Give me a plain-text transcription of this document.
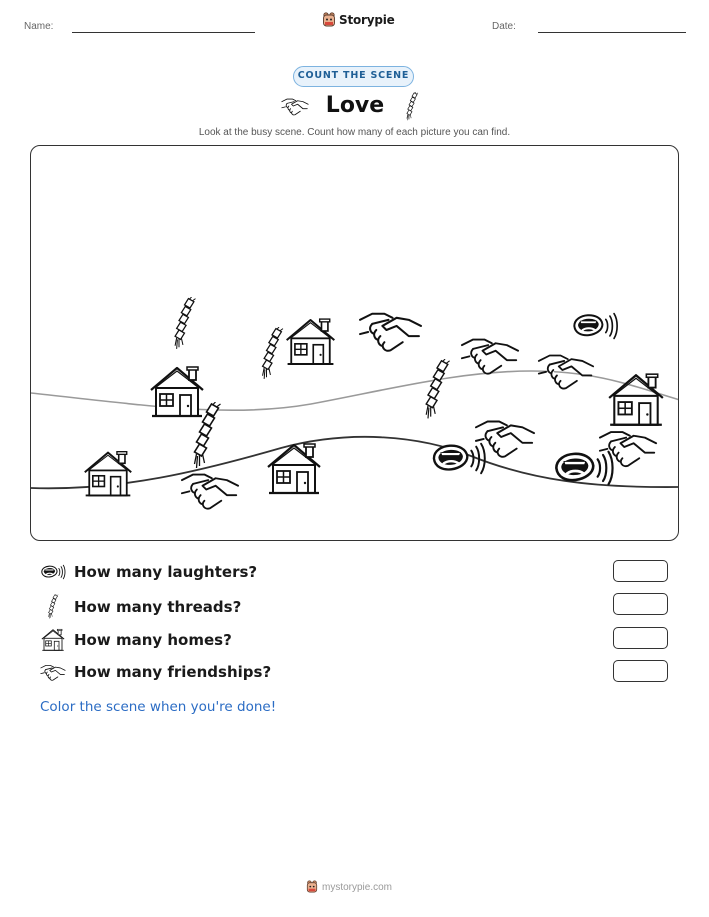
Name:	Storypie	Date:
COUNT THE SCENE
Love
Look at the busy scene. Count how many of each picture you can find.
How many laughters?
How many threads?
How many homes?
How many friendships?
Color the scene when you're done!
mystorypie.com
